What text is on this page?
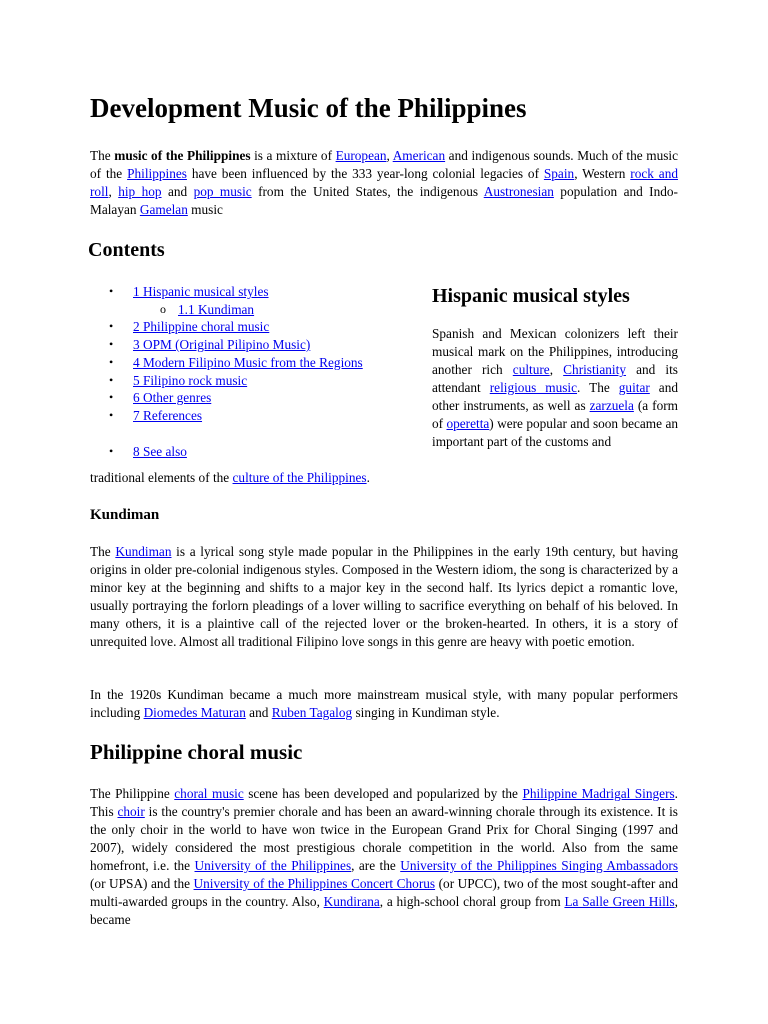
Development Music of the Philippines

The music of the Philippines is a mixture of European, American and indigenous sounds. Much of the music of the Philippines have been influenced by the 333 year-long colonial legacies of Spain, Western rock and roll, hip hop and pop music from the United States, the indigenous Austronesian population and Indo-Malayan Gamelan music

Contents
• 1 Hispanic musical styles
o 1.1 Kundiman
• 2 Philippine choral music
• 3 OPM (Original Pilipino Music)
• 4 Modern Filipino Music from the Regions
• 5 Filipino rock music
• 6 Other genres
• 7 References
• 8 See also
Hispanic musical styles

Spanish and Mexican colonizers left their musical mark on the Philippines, introducing another rich culture, Christianity and its attendant religious music. The guitar and other instruments, as well as zarzuela (a form of operetta) were popular and soon became an important part of the customs and

traditional elements of the culture of the Philippines.
Kundiman

The Kundiman is a lyrical song style made popular in the Philippines in the early 19th century, but having origins in older pre-colonial indigenous styles. Composed in the Western idiom, the song is characterized by a minor key at the beginning and shifts to a major key in the second half. Its lyrics depict a romantic love, usually portraying the forlorn pleadings of a lover willing to sacrifice everything on behalf of his beloved. In many others, it is a plaintive call of the rejected lover or the broken-hearted. In others, it is a story of unrequited love. Almost all traditional Filipino love songs in this genre are heavy with poetic emotion.

In the 1920s Kundiman became a much more mainstream musical style, with many popular performers including Diomedes Maturan and Ruben Tagalog singing in Kundiman style.

Philippine choral music

The Philippine choral music scene has been developed and popularized by the Philippine Madrigal Singers. This choir is the country's premier chorale and has been an award-winning chorale through its existence. It is the only choir in the world to have won twice in the European Grand Prix for Choral Singing (1997 and 2007), widely considered the most prestigious chorale competition in the world. Also from the same homefront, i.e. the University of the Philippines, are the University of the Philippines Singing Ambassadors (or UPSA) and the University of the Philippines Concert Chorus (or UPCC), two of the most sought-after and multi-awarded groups in the country. Also, Kundirana, a high-school choral group from La Salle Green Hills, became
